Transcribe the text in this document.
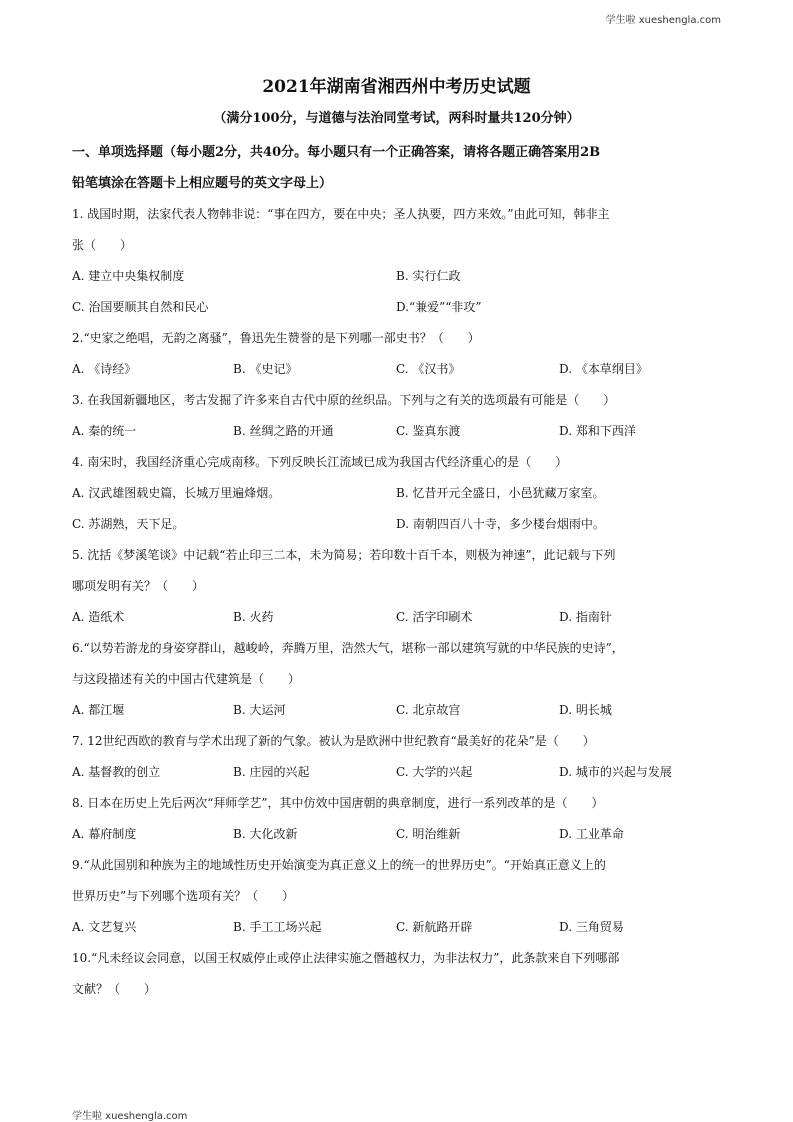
学生啦 xueshengla.com
2021年湖南省湘西州中考历史试题
（满分100分，与道德与法治同堂考试，两科时量共120分钟）
一、单项选择题（每小题2分，共40分。每小题只有一个正确答案，请将各题正确答案用2B
铅笔填涂在答题卡上相应题号的英文字母上）
1. 战国时期，法家代表人物韩非说：“事在四方，要在中央；圣人执要，四方来效。”由此可知，韩非主
张（　　）
A. 建立中央集权制度	B. 实行仁政
C. 治国要顺其自然和民心	D.“兼爱”“非攻”
2.“史家之绝唱，无韵之离骚”，鲁迅先生赞誉的是下列哪一部史书？（　　）
A. 《诗经》	B. 《史记》	C. 《汉书》	D. 《本草纲目》
3. 在我国新疆地区，考古发掘了许多来自古代中原的丝织品。下列与之有关的选项最有可能是（　　）
A. 秦的统一	B. 丝绸之路的开通	C. 鉴真东渡	D. 郑和下西洋
4. 南宋时，我国经济重心完成南移。下列反映长江流域已成为我国古代经济重心的是（　　）
A. 汉武雄图载史篇，长城万里遍烽烟。	B. 忆昔开元全盛日，小邑犹藏万家室。
C. 苏湖熟，天下足。	D. 南朝四百八十寺，多少楼台烟雨中。
5. 沈括《梦溪笔谈》中记载“若止印三二本，未为简易；若印数十百千本，则极为神速”，此记载与下列
哪项发明有关？（　　）
A. 造纸术	B. 火药	C. 活字印刷术	D. 指南针
6.“以势若游龙的身姿穿群山，越峻岭，奔腾万里，浩然大气，堪称一部以建筑写就的中华民族的史诗”，
与这段描述有关的中国古代建筑是（　　）
A. 都江堰	B. 大运河	C. 北京故宫	D. 明长城
7. 12世纪西欧的教育与学术出现了新的气象。被认为是欧洲中世纪教育“最美好的花朵”是（　　）
A. 基督教的创立	B. 庄园的兴起	C. 大学的兴起	D. 城市的兴起与发展
8. 日本在历史上先后两次“拜师学艺”，其中仿效中国唐朝的典章制度，进行一系列改革的是（　　）
A. 幕府制度	B. 大化改新	C. 明治维新	D. 工业革命
9.“从此国别和种族为主的地域性历史开始演变为真正意义上的统一的世界历史”。“开始真正意义上的
世界历史”与下列哪个选项有关？（　　）
A. 文艺复兴	B. 手工工场兴起	C. 新航路开辟	D. 三角贸易
10.“凡未经议会同意，以国王权威停止或停止法律实施之僭越权力，为非法权力”，此条款来自下列哪部
文献？（　　）
学生啦 xueshengla.com
